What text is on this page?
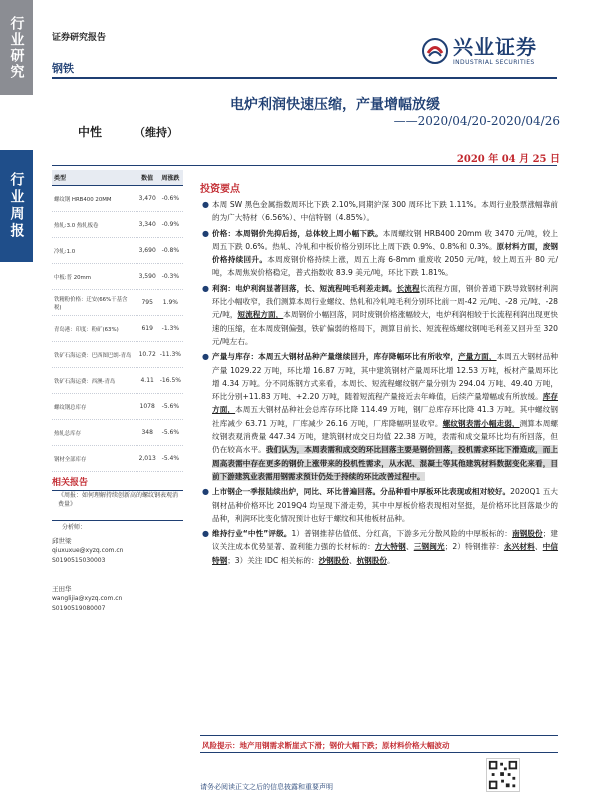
行业研究
行业周报
证券研究报告
钢铁
兴业证券
INDUSTRIAL SECURITIES
电炉利润快速压缩，产量增幅放缓
——2020/04/20-2020/04/26
中性	（维持）
2020 年 04 月 25 日
类型	数值	周涨跌
螺纹钢 HRB400 20MM	3,470	-0.6%
热轧:3.0 热轧板卷	3,340	-0.9%
冷轧:1.0	3,690	-0.8%
中板:普 20mm	3,590	-0.3%
铁精粉价格：迁安(66%干基含税)	795	1.9%
青岛港：印度：粉矿(63%)	619	-1.3%
铁矿石海运费：巴西图巴朗-青岛	10.72	-11.3%
铁矿石海运费：西澳-青岛	4.11	-16.5%
螺纹钢总库存	1078	-5.6%
热轧总库存	348	-5.6%
钢材全部库存	2,013	-5.4%
相关报告
《周报：如何理解持续创新高的螺纹钢表观消费量》
分析师：
邱世梁
qiuxuxue@xyzq.com.cn
S0190515030003
王田华
wanglijia@xyzq.com.cn
S0190519080007
投资要点
● 本周 SW 黑色金属指数周环比下跌 2.10%,同期沪深 300 周环比下跌 1.11%。本周行业股票涨幅靠前的为广大特材（6.56%）、中信特钢（4.85%）。
● 价格：本周钢价先抑后扬，总体较上周小幅下跌。本周螺纹钢 HRB400 20mm 收 3470 元/吨，较上周五下跌 0.6%。热轧、冷轧和中板价格分别环比上周下跌 0.9%、0.8%和 0.3%。原材料方面，废钢价格持续回升。本周废钢价格持续上涨，周五上海 6-8mm 重废收 2050 元/吨，较上周五升 80 元/吨，本周焦炭价格稳定，普式指数收 83.9 美元/吨，环比下跌 1.81%。
● 利润：电炉利润显著回落，长、短流程吨毛利差走阔。长流程长流程方面，钢价普通下跌导致钢材利润环比小幅收窄，我们测算本周行业螺纹、热轧和冷轧吨毛利分别环比前一周-42 元/吨、-28 元/吨、-28 元/吨，短流程方面，本周钢价小幅回落，同时废钢价格涨幅较大，电炉利润相较于长流程利润出现更快速的压缩，在本周废钢偏强，铁矿偏弱的格局下，测算目前长、短流程炼螺纹钢吨毛利差又回升至 320 元/吨左右。
● 产量与库存：本周五大钢材品种产量继续回升，库存降幅环比有所收窄，产量方面，本周五大钢材品种产量 1029.22 万吨，环比增 16.87 万吨，其中建筑钢材产量周环比增 12.53 万吨，板材产量周环比增 4.34 万吨。分不同炼钢方式来看，本周长、短流程螺纹钢产量分别为 294.04 万吨、49.40 万吨，环比分别+11.83 万吨、+2.20 万吨，随着短流程产量接近去年峰值，后续产量增幅或有所放缓。库存方面，本周五大钢材品种社会总库存环比降 114.49 万吨，钢厂总库存环比降 41.3 万吨。其中螺纹钢社库减少 63.71 万吨，厂库减少 26.16 万吨，厂库降幅明显收窄。螺纹钢表需小幅走弱，测算本周螺纹钢表观消费量 447.34 万吨，建筑钢材成交日均值 22.38 万吨，表需和成交量环比均有所回落，但仍在较高水平。我们认为，本周表需和成交的环比回落主要是钢价回落，投机需求环比下滑造成，而上周高表需中存在更多的钢价上涨带来的投机性需求，从水泥、混凝土等其他建筑材料数据变化来看，目前下游建筑业表需用钢需求预计仍处于持续的环比改善过程中。
● 上市钢企一季报陆续出炉，同比、环比普遍回落。分品种看中厚板环比表现或相对较好。2020Q1 五大钢材品种价格环比 2019Q4 均呈现下滑走势，其中中厚板价格表现相对坚挺，是价格环比回落最少的品种，利润环比变化情况预计也好于螺纹和其他板材品种。
● 维持行业“中性”评级。1）普钢推荐估值低、分红高，下游多元分散风险的中厚板标的：南钢股份；建议关注成本优势显著、盈利能力强的长材标的：方大特钢、三钢闽光；2）特钢推荐：永兴材料、中信特钢；3）关注 IDC 相关标的：沙钢股份、杭钢股份。
风险提示：地产用钢需求断崖式下滑；钢价大幅下跌；原材料价格大幅波动
请务必阅读正文之后的信息披露和重要声明
